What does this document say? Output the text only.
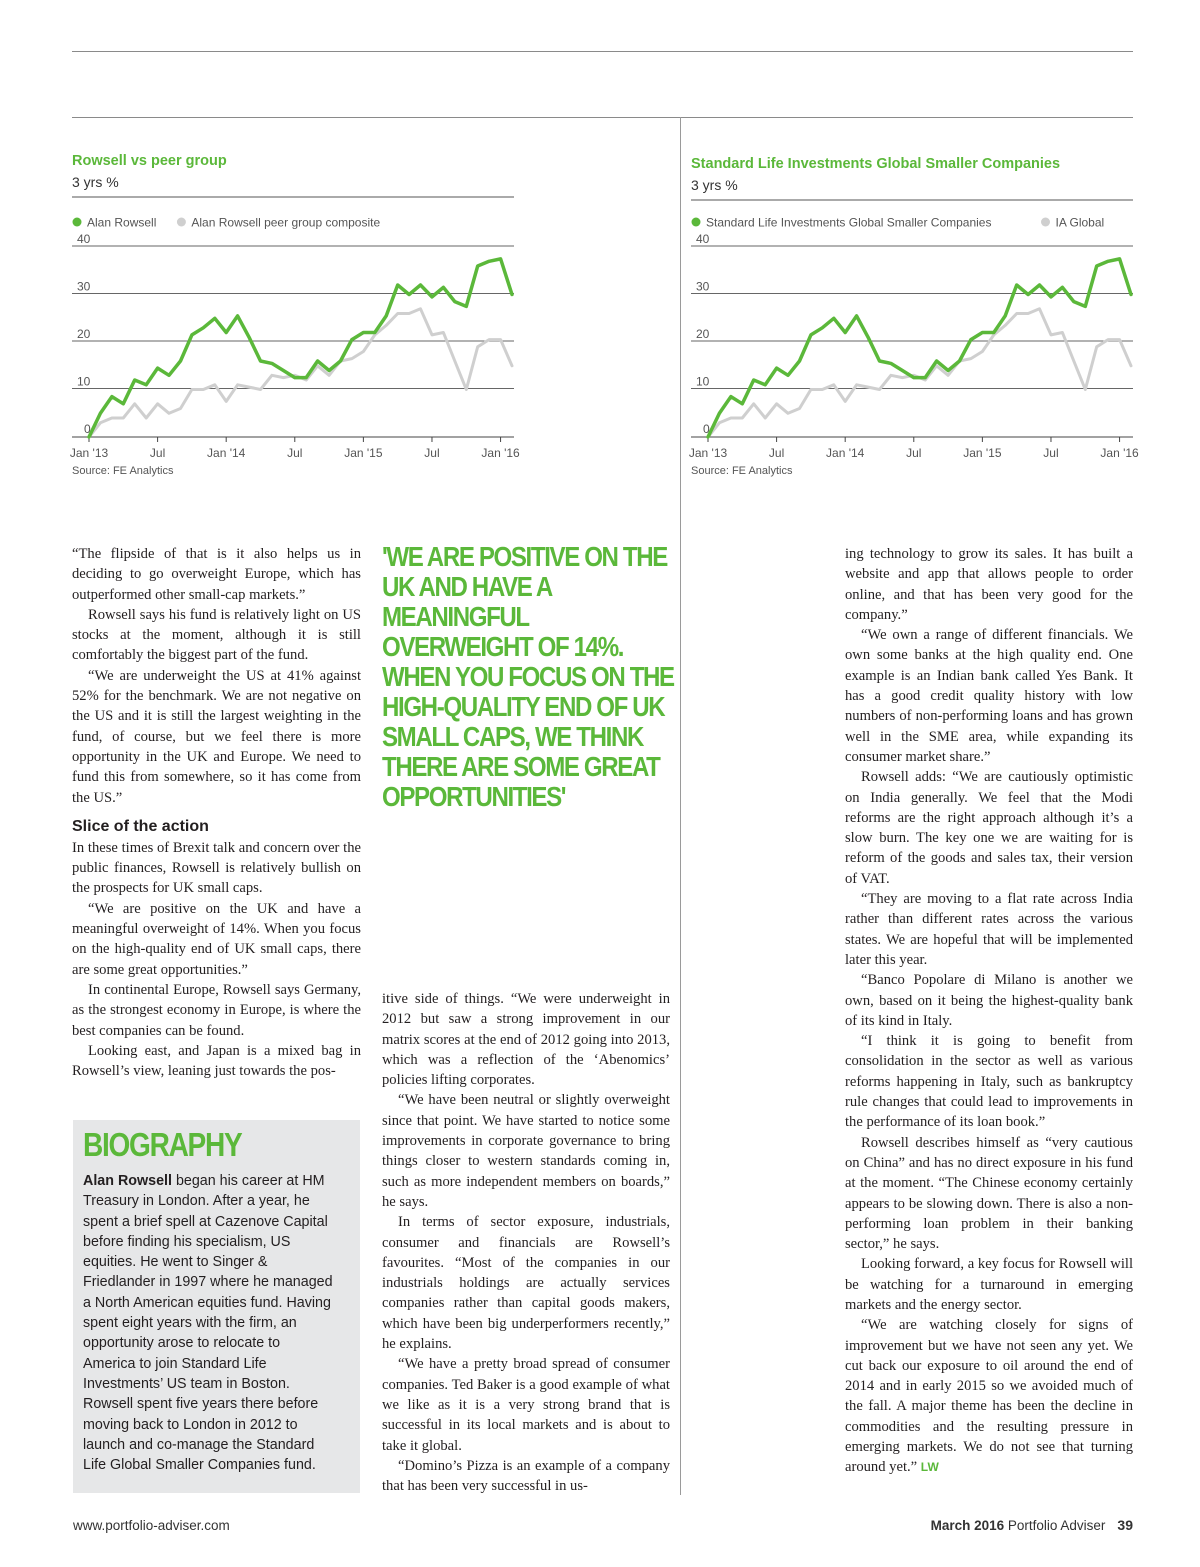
Rowsell vs peer group
3 yrs %
Alan Rowsell	Alan Rowsell peer group composite
0
10
20
30
40
Jan '13	Jul	Jan '14	Jul	Jan '15	Jul	Jan '16
Source: FE Analytics
Standard Life Investments Global Smaller Companies
3 yrs %
Standard Life Investments Global Smaller Companies	IA Global
0
10
20
30
40
Jan '13	Jul	Jan '14	Jul	Jan '15	Jul	Jan '16
Source: FE Analytics

“The flipside of that is it also helps us in deciding to go overweight Europe, which has outperformed other small-cap markets.”

Rowsell says his fund is relatively light on US stocks at the moment, although it is still comfortably the biggest part of the fund.

“We are underweight the US at 41% against 52% for the benchmark. We are not negative on the US and it is still the largest weighting in the fund, of course, but we feel there is more opportunity in the UK and Europe. We need to fund this from somewhere, so it has come from the US.”

Slice of the action

In these times of Brexit talk and concern over the public finances, Rowsell is relatively bullish on the prospects for UK small caps.

“We are positive on the UK and have a meaningful overweight of 14%. When you focus on the high-quality end of UK small caps, there are some great opportunities.”

In continental Europe, Rowsell says Germany, as the strongest economy in Europe, is where the best companies can be found.

Looking east, and Japan is a mixed bag in Rowsell’s view, leaning just towards the pos-

'WE ARE POSITIVE ON THE UK AND HAVE A MEANINGFUL OVERWEIGHT OF 14%. WHEN YOU FOCUS ON THE HIGH-QUALITY END OF UK SMALL CAPS, WE THINK THERE ARE SOME GREAT OPPORTUNITIES'

itive side of things. “We were underweight in 2012 but saw a strong improvement in our matrix scores at the end of 2012 going into 2013, which was a reflection of the ‘Abenomics’ policies lifting corporates.

“We have been neutral or slightly overweight since that point. We have started to notice some improvements in corporate governance to bring things closer to western standards coming in, such as more independent members on boards,” he says.

In terms of sector exposure, industrials, consumer and financials are Rowsell’s favourites. “Most of the companies in our industrials holdings are actually services companies rather than capital goods makers, which have been big underperformers recently,” he explains.

“We have a pretty broad spread of consumer companies. Ted Baker is a good example of what we like as it is a very strong brand that is successful in its local markets and is about to take it global.

“Domino’s Pizza is an example of a company that has been very successful in us-

ing technology to grow its sales. It has built a website and app that allows people to order online, and that has been very good for the company.”

“We own a range of different financials. We own some banks at the high quality end. One example is an Indian bank called Yes Bank. It has a good credit quality history with low numbers of non-performing loans and has grown well in the SME area, while expanding its consumer market share.”

Rowsell adds: “We are cautiously optimistic on India generally. We feel that the Modi reforms are the right approach although it’s a slow burn. The key one we are waiting for is reform of the goods and sales tax, their version of VAT.

“They are moving to a flat rate across India rather than different rates across the various states. We are hopeful that will be implemented later this year.

“Banco Popolare di Milano is another we own, based on it being the highest-quality bank of its kind in Italy.

“I think it is going to benefit from consolidation in the sector as well as various reforms happening in Italy, such as bankruptcy rule changes that could lead to improvements in the performance of its loan book.”

Rowsell describes himself as “very cautious on China” and has no direct exposure in his fund at the moment. “The Chinese economy certainly appears to be slowing down. There is also a non-performing loan problem in their banking sector,” he says.

Looking forward, a key focus for Rowsell will be watching for a turnaround in emerging markets and the energy sector.

“We are watching closely for signs of improvement but we have not seen any yet. We cut back our exposure to oil around the end of 2014 and in early 2015 so we avoided much of the fall. A major theme has been the decline in commodities and the resulting pressure in emerging markets. We do not see that turning around yet.” LW

BIOGRAPHY
Alan Rowsell began his career at HM Treasury in London. After a year, he spent a brief spell at Cazenove Capital before finding his specialism, US equities. He went to Singer & Friedlander in 1997 where he managed a North American equities fund. Having spent eight years with the firm, an opportunity arose to relocate to America to join Standard Life Investments’ US team in Boston. Rowsell spent five years there before moving back to London in 2012 to launch and co-manage the Standard Life Global Smaller Companies fund.
www.portfolio-adviser.com	March 2016 Portfolio Adviser 39
